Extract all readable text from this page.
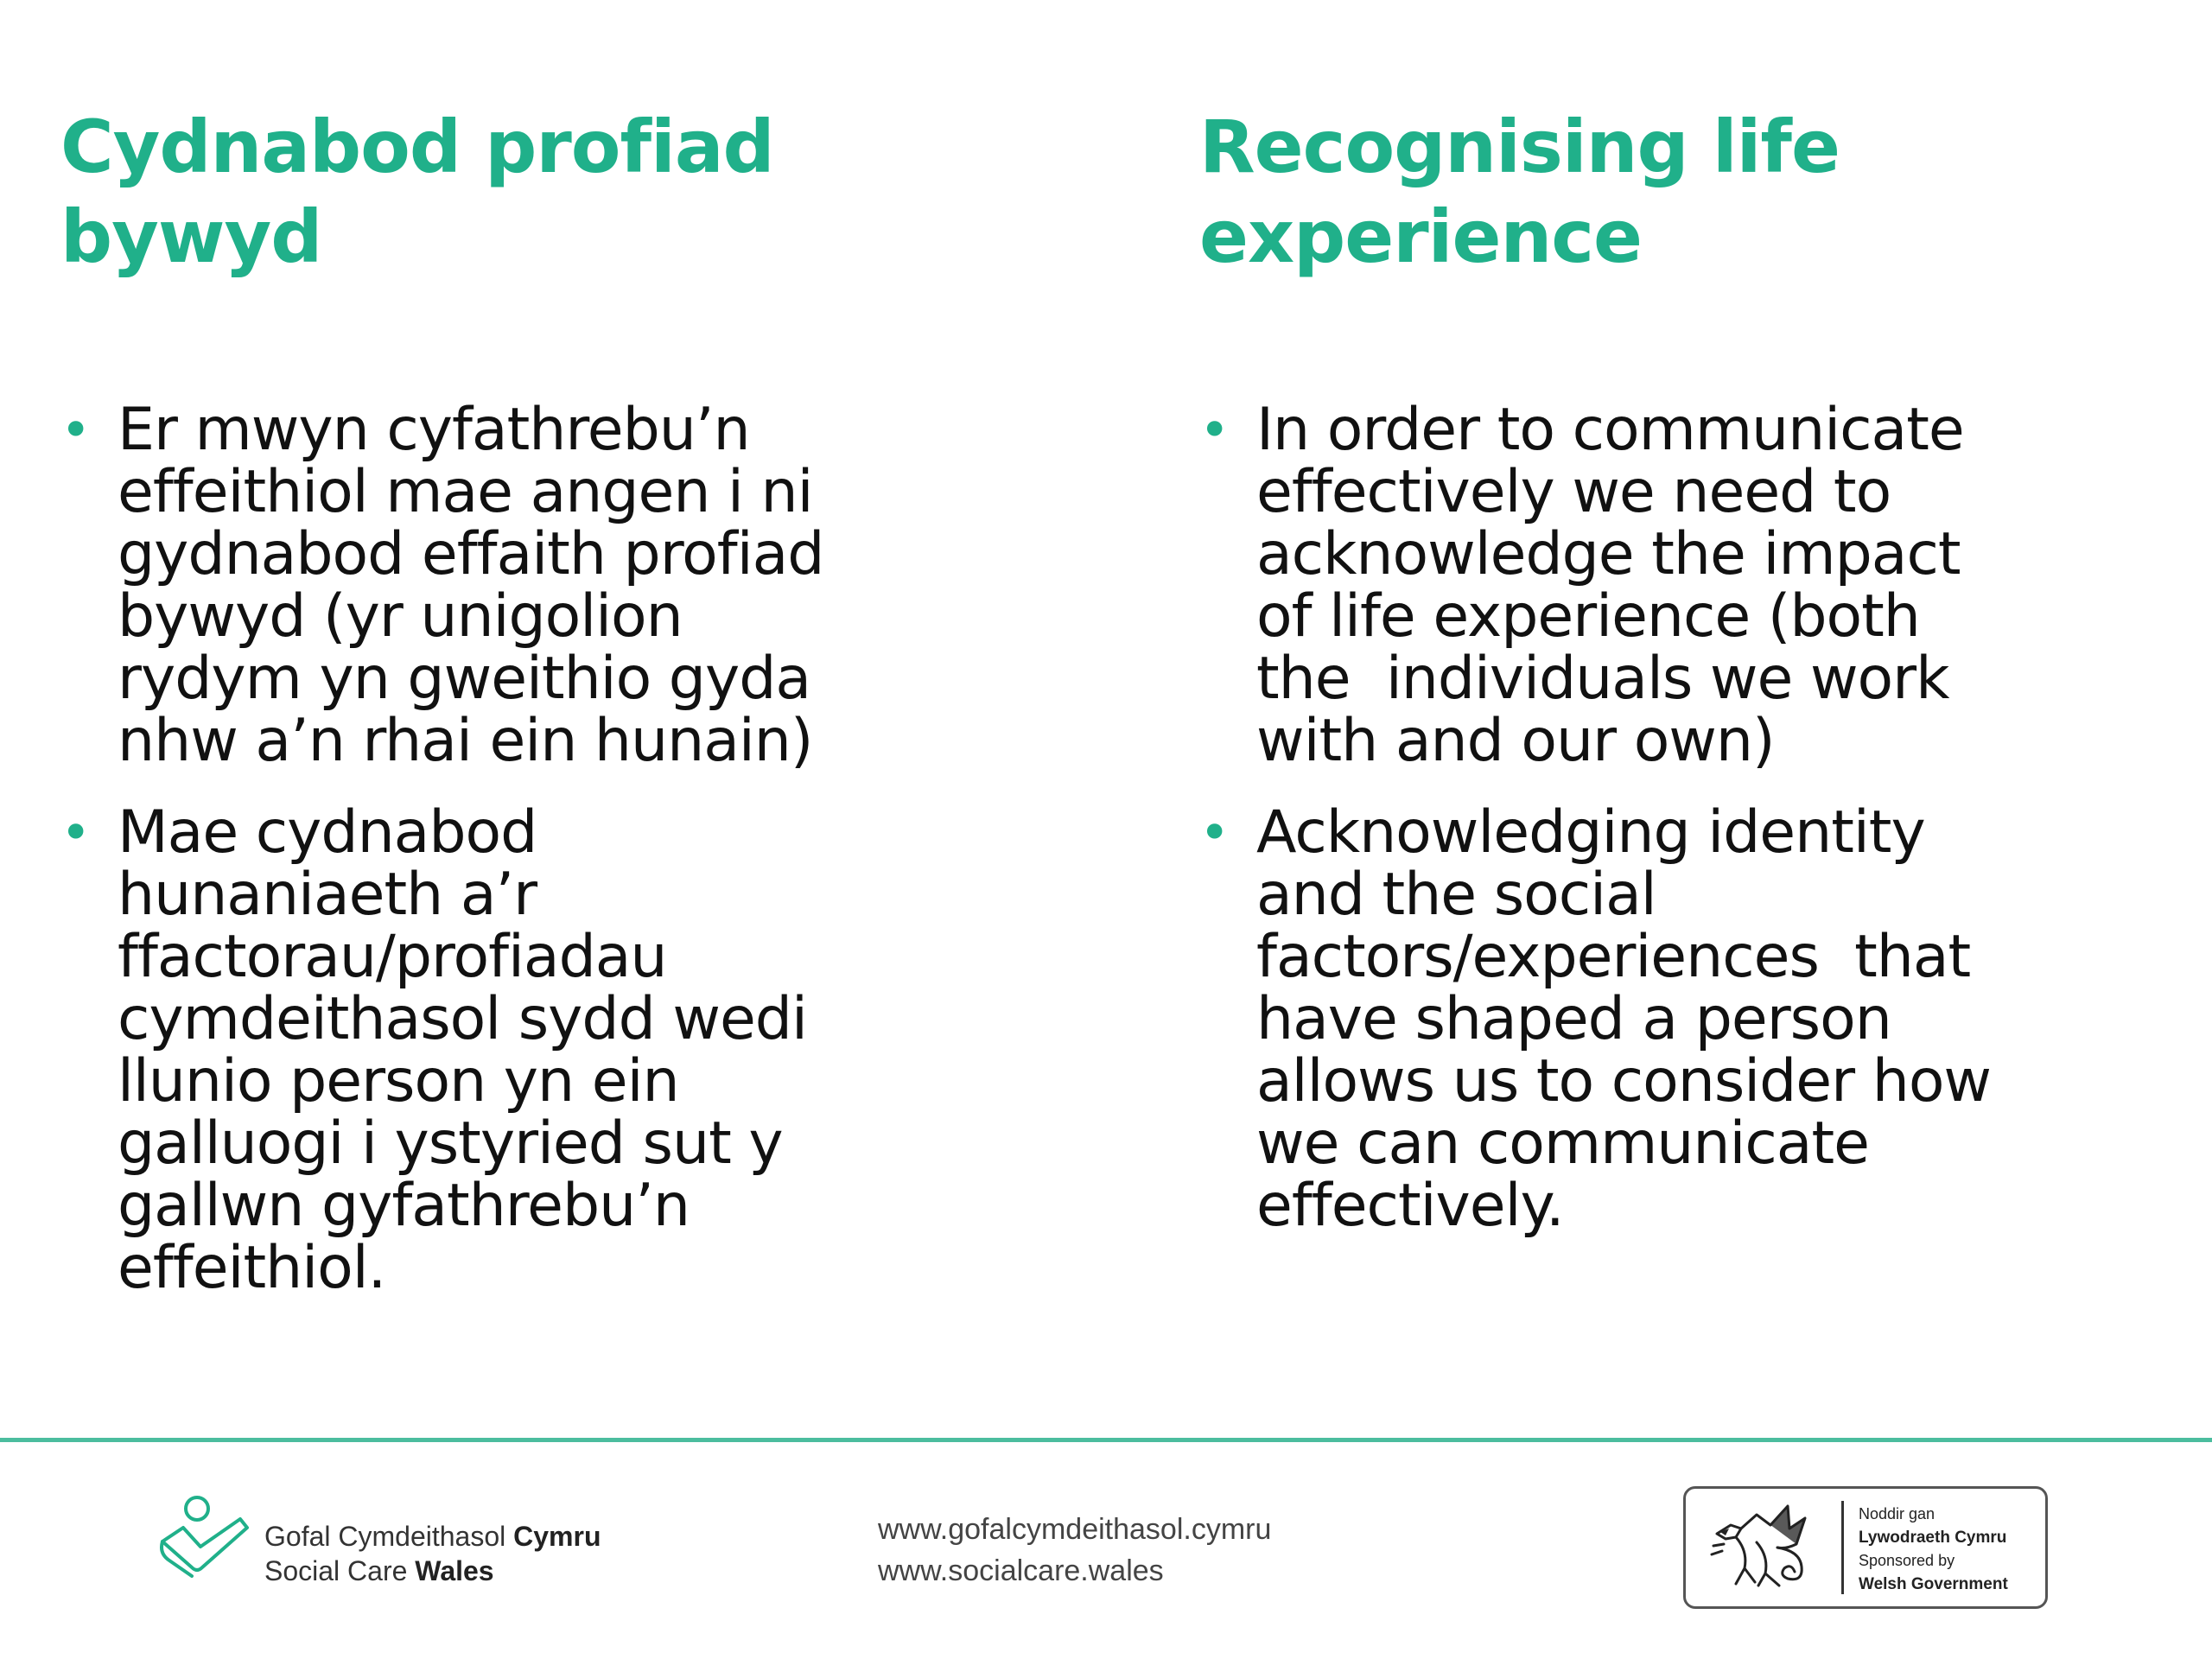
Cydnabod profiad
bywyd
• Er mwyn cyfathrebu’n
effeithiol mae angen i ni
gydnabod effaith profiad
bywyd (yr unigolion
rydym yn gweithio gyda
nhw a’n rhai ein hunain)
• Mae cydnabod
hunaniaeth a’r
ffactorau/profiadau
cymdeithasol sydd wedi
llunio person yn ein
galluogi i ystyried sut y
gallwn gyfathrebu’n
effeithiol.
Recognising life
experience
• In order to communicate
effectively we need to
acknowledge the impact
of life experience (both
the  individuals we work
with and our own)
• Acknowledging identity
and the social
factors/experiences  that
have shaped a person
allows us to consider how
we can communicate
effectively.
Gofal Cymdeithasol Cymru
Social Care Wales
www.gofalcymdeithasol.cymru
www.socialcare.wales
Noddir gan
Lywodraeth Cymru
Sponsored by
Welsh Government
